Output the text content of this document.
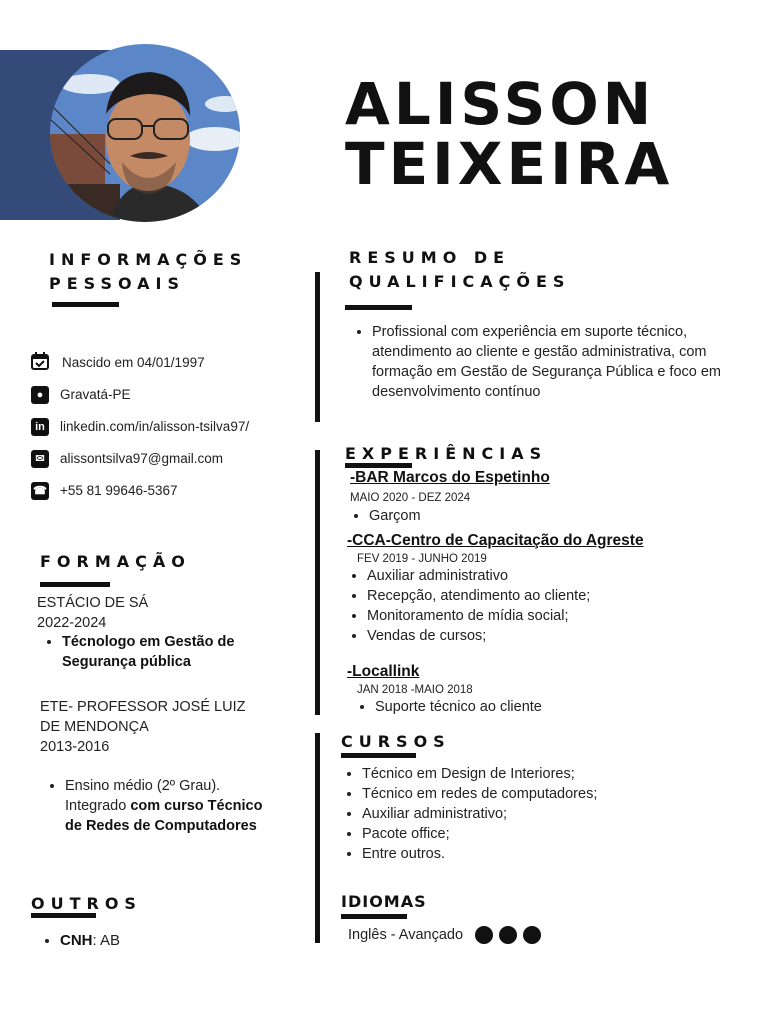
ALISSON
TEIXEIRA
INFORMAÇÕES
PESSOAIS
Nascido em 04/01/1997
●	Gravatá-PE
in	linkedin.com/in/alisson-tsilva97/
✉	alissontsilva97@gmail.com
☎ +55 81 99646-5367
FORMAÇÃO
ESTÁCIO DE SÁ
2022-2024
• Técnologo em Gestão de Segurança pública
ETE- PROFESSOR JOSÉ LUIZ
DE MENDONÇA
2013-2016
• Ensino médio (2º Grau). Integrado com curso Técnico de Redes de Computadores
OUTROS
• CNH: AB
RESUMO DE
QUALIFICAÇÕES
• Profissional com experiência em suporte técnico, atendimento ao cliente e gestão administrativa, com formação em Gestão de Segurança Pública e foco em desenvolvimento contínuo
EXPERIÊNCIAS
-BAR Marcos do Espetinho
MAIO 2020 - DEZ 2024
• Garçom
-CCA-Centro de Capacitação do Agreste
FEV 2019 - JUNHO 2019
• Auxiliar administrativo
• Recepção, atendimento ao cliente;
• Monitoramento de mídia social;
• Vendas de cursos;
-Locallink
JAN 2018 -MAIO 2018
• Suporte técnico ao cliente
CURSOS
• Técnico em Design de Interiores;
• Técnico em redes de computadores;
• Auxiliar administrativo;
• Pacote office;
• Entre outros.
IDIOMAS
Inglês - Avançado
